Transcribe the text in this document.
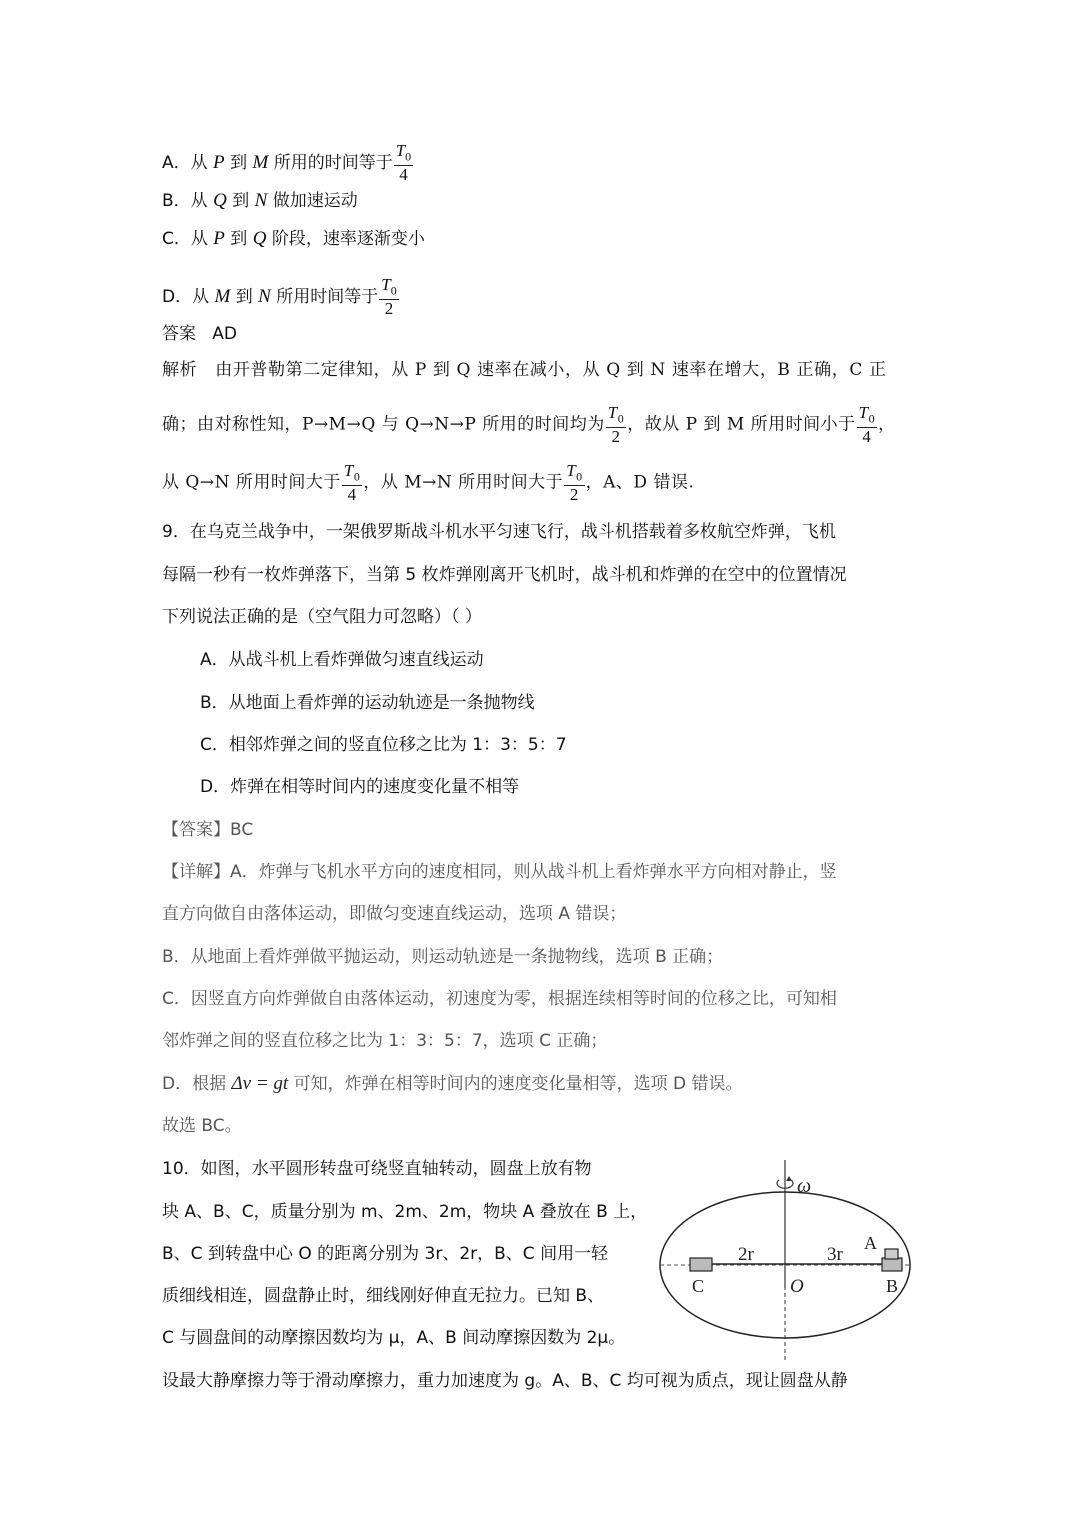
A．从 P 到 M 所用的时间等于 $\frac{T_0}{4}$
B．从 Q 到 N 做加速运动
C．从 P 到 Q 阶段，速率逐渐变小
D．从 M 到 N 所用时间等于 $\frac{T_0}{2}$
答案 AD
解析 由开普勒第二定律知，从 P 到 Q 速率在减小，从 Q 到 N 速率在增大，B 正确，C 正
确；由对称性知，P→M→Q 与 Q→N→P 所用的时间均为 $\frac{T_0}{2}$ ，故从 P 到 M 所用时间小于 $\frac{T_0}{4}$ ，
从 Q→N 所用时间大于 $\frac{T_0}{4}$ ，从 M→N 所用时间大于 $\frac{T_0}{2}$ ，A、D 错误.
9．在乌克兰战争中，一架俄罗斯战斗机水平匀速飞行，战斗机搭载着多枚航空炸弹，飞机
每隔一秒有一枚炸弹落下，当第 5 枚炸弹刚离开飞机时，战斗机和炸弹的在空中的位置情况
下列说法正确的是（空气阻力可忽略）（ ）
A．从战斗机上看炸弹做匀速直线运动
B．从地面上看炸弹的运动轨迹是一条抛物线
C．相邻炸弹之间的竖直位移之比为 1：3：5：7
D．炸弹在相等时间内的速度变化量不相等
【答案】BC
【详解】A．炸弹与飞机水平方向的速度相同，则从战斗机上看炸弹水平方向相对静止，竖
直方向做自由落体运动，即做匀变速直线运动，选项 A 错误；
B．从地面上看炸弹做平抛运动，则运动轨迹是一条抛物线，选项 B 正确；
C．因竖直方向炸弹做自由落体运动，初速度为零，根据连续相等时间的位移之比，可知相
邻炸弹之间的竖直位移之比为 1：3：5：7，选项 C 正确；
D．根据 Δv = gt 可知，炸弹在相等时间内的速度变化量相等，选项 D 错误。
故选 BC。
10．如图，水平圆形转盘可绕竖直轴转动，圆盘上放有物
块 A、B、C，质量分别为 m、2m、2m，物块 A 叠放在 B 上，
B、C 到转盘中心 O 的距离分别为 3r、2r，B、C 间用一轻
质细线相连，圆盘静止时，细线刚好伸直无拉力。已知 B、
C 与圆盘间的动摩擦因数均为 μ，A、B 间动摩擦因数为 2μ。
设最大静摩擦力等于滑动摩擦力，重力加速度为 g。A、B、C 均可视为质点，现让圆盘从静
ω
2r	3r
A
B
C	O
